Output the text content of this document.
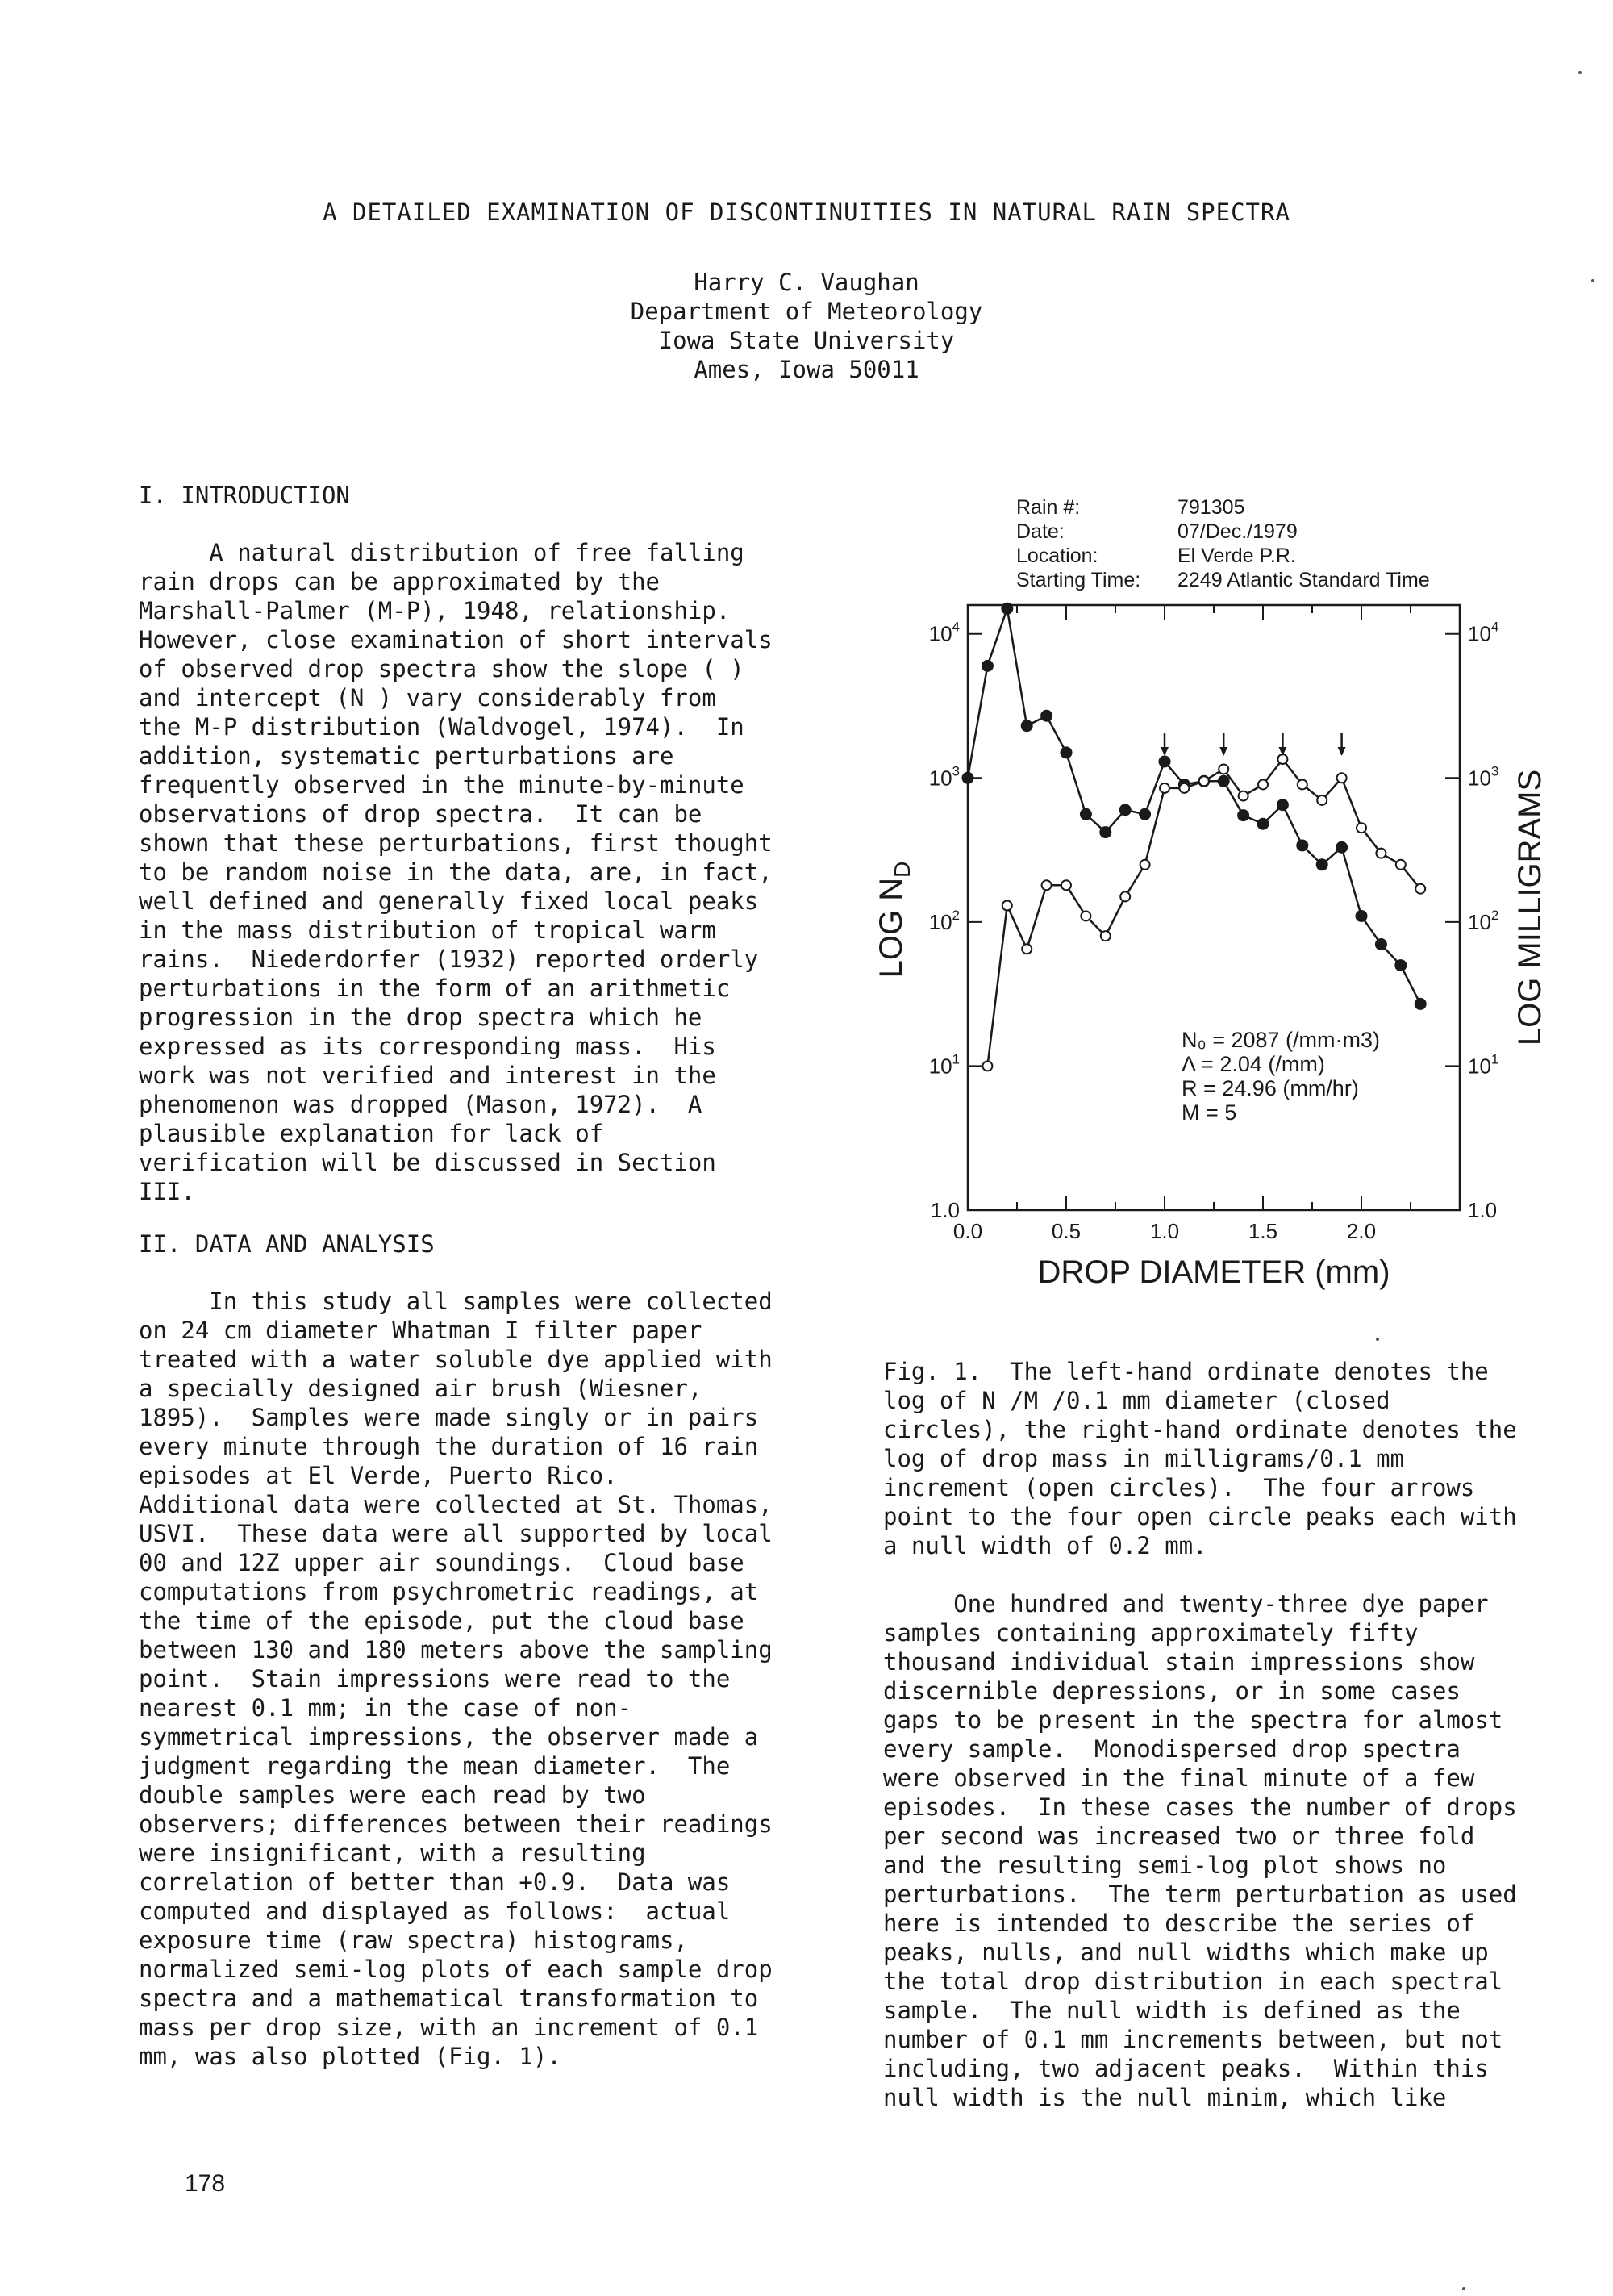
A DETAILED EXAMINATION OF DISCONTINUITIES IN NATURAL RAIN SPECTRA
Harry C. Vaughan
Department of Meteorology
Iowa State University
Ames, Iowa 50011
I. INTRODUCTION
A natural distribution of free falling
rain drops can be approximated by the
Marshall-Palmer (M-P), 1948, relationship.
However, close examination of short intervals
of observed drop spectra show the slope ( )
and intercept (N ) vary considerably from
the M-P distribution (Waldvogel, 1974).  In
addition, systematic perturbations are
frequently observed in the minute-by-minute
observations of drop spectra.  It can be
shown that these perturbations, first thought
to be random noise in the data, are, in fact,
well defined and generally fixed local peaks
in the mass distribution of tropical warm
rains.  Niederdorfer (1932) reported orderly
perturbations in the form of an arithmetic
progression in the drop spectra which he
expressed as its corresponding mass.  His
work was not verified and interest in the
phenomenon was dropped (Mason, 1972).  A
plausible explanation for lack of
verification will be discussed in Section
III.
II. DATA AND ANALYSIS
In this study all samples were collected
on 24 cm diameter Whatman I filter paper
treated with a water soluble dye applied with
a specially designed air brush (Wiesner,
1895).  Samples were made singly or in pairs
every minute through the duration of 16 rain
episodes at El Verde, Puerto Rico.
Additional data were collected at St. Thomas,
USVI.  These data were all supported by local
00 and 12Z upper air soundings.  Cloud base
computations from psychrometric readings, at
the time of the episode, put the cloud base
between 130 and 180 meters above the sampling
point.  Stain impressions were read to the
nearest 0.1 mm; in the case of non-
symmetrical impressions, the observer made a
judgment regarding the mean diameter.  The
double samples were each read by two
observers; differences between their readings
were insignificant, with a resulting
correlation of better than +0.9.  Data was
computed and displayed as follows:  actual
exposure time (raw spectra) histograms,
normalized semi-log plots of each sample drop
spectra and a mathematical transformation to
mass per drop size, with an increment of 0.1
mm, was also plotted (Fig. 1).
Fig. 1.  The left-hand ordinate denotes the
log of N /M /0.1 mm diameter (closed
circles), the right-hand ordinate denotes the
log of drop mass in milligrams/0.1 mm
increment (open circles).  The four arrows
point to the four open circle peaks each with
a null width of 0.2 mm.
One hundred and twenty-three dye paper
samples containing approximately fifty
thousand individual stain impressions show
discernible depressions, or in some cases
gaps to be present in the spectra for almost
every sample.  Monodispersed drop spectra
were observed in the final minute of a few
episodes.  In these cases the number of drops
per second was increased two or three fold
and the resulting semi-log plot shows no
perturbations.  The term perturbation as used
here is intended to describe the series of
peaks, nulls, and null widths which make up
the total drop distribution in each spectral
sample.  The null width is defined as the
number of 0.1 mm increments between, but not
including, two adjacent peaks.  Within this
null width is the null minim, which like
178
Rain #:	791305
Date:	07/Dec./1979
Location:	El Verde P.R.
Starting Time: 2249 Atlantic Standard Time
0.0	0.5	1.0	1.5	2.0
1.0
$10^1$
$10^2$
$10^3$
$10^4$
1.0
$10^1$
$10^2$
$10^3$
$10^4$
DROP DIAMETER (mm)
LOG $N_D$	LOG MILLIGRAMS
N₀ = 2087 (/mm·m3)
Λ = 2.04 (/mm)
R = 24.96 (mm/hr)
M = 5
